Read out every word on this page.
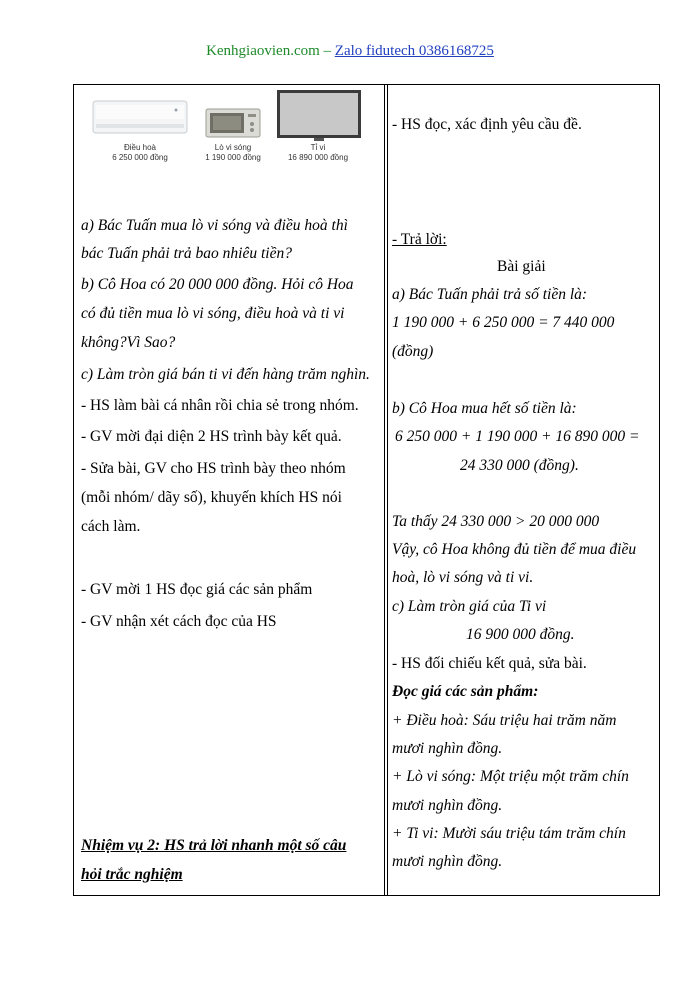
Kenhgiaovien.com – Zalo fidutech 0386168725
Điều hoà
6 250 000 đồng
Lò vi sóng
1 190 000 đồng
Tỉ vi
16 890 000 đồng
a) Bác Tuấn mua lò vi sóng và điều hoà thì
bác Tuấn phải trả bao nhiêu tiền?
b) Cô Hoa có 20 000 000 đồng. Hỏi cô Hoa
có đủ tiền mua lò vi sóng, điều hoà và ti vi
không?Vì Sao?
c) Làm tròn giá bán ti vi đến hàng trăm nghìn.
- HS làm bài cá nhân rồi chia sẻ trong nhóm.
- GV mời đại diện 2 HS trình bày kết quả.
- Sửa bài, GV cho HS trình bày theo nhóm
(mỗi nhóm/ dãy số), khuyến khích HS nói
cách làm.
- GV mời 1 HS đọc giá các sản phẩm
- GV nhận xét cách đọc của HS
Nhiệm vụ 2: HS trả lời nhanh một số câu
hỏi trắc nghiệm
- HS đọc, xác định yêu cầu đề.
- Trả lời:
Bài giải
a) Bác Tuấn phải trả số tiền là:
1 190 000 + 6 250 000 = 7 440 000
(đồng)
b) Cô Hoa mua hết số tiền là:
6 250 000 + 1 190 000 + 16 890 000 =
24 330 000 (đồng).
Ta thấy 24 330 000 > 20 000 000
Vậy, cô Hoa không đủ tiền để mua điều
hoà, lò vi sóng và ti vi.
c) Làm tròn giá của Ti vi
16 900 000 đồng.
- HS đối chiếu kết quả, sửa bài.
Đọc giá các sản phẩm:
+ Điều hoà: Sáu triệu hai trăm năm
mươi nghìn đồng.
+ Lò vi sóng: Một triệu một trăm chín
mươi nghìn đồng.
+ Ti vi: Mười sáu triệu tám trăm chín
mươi nghìn đồng.
